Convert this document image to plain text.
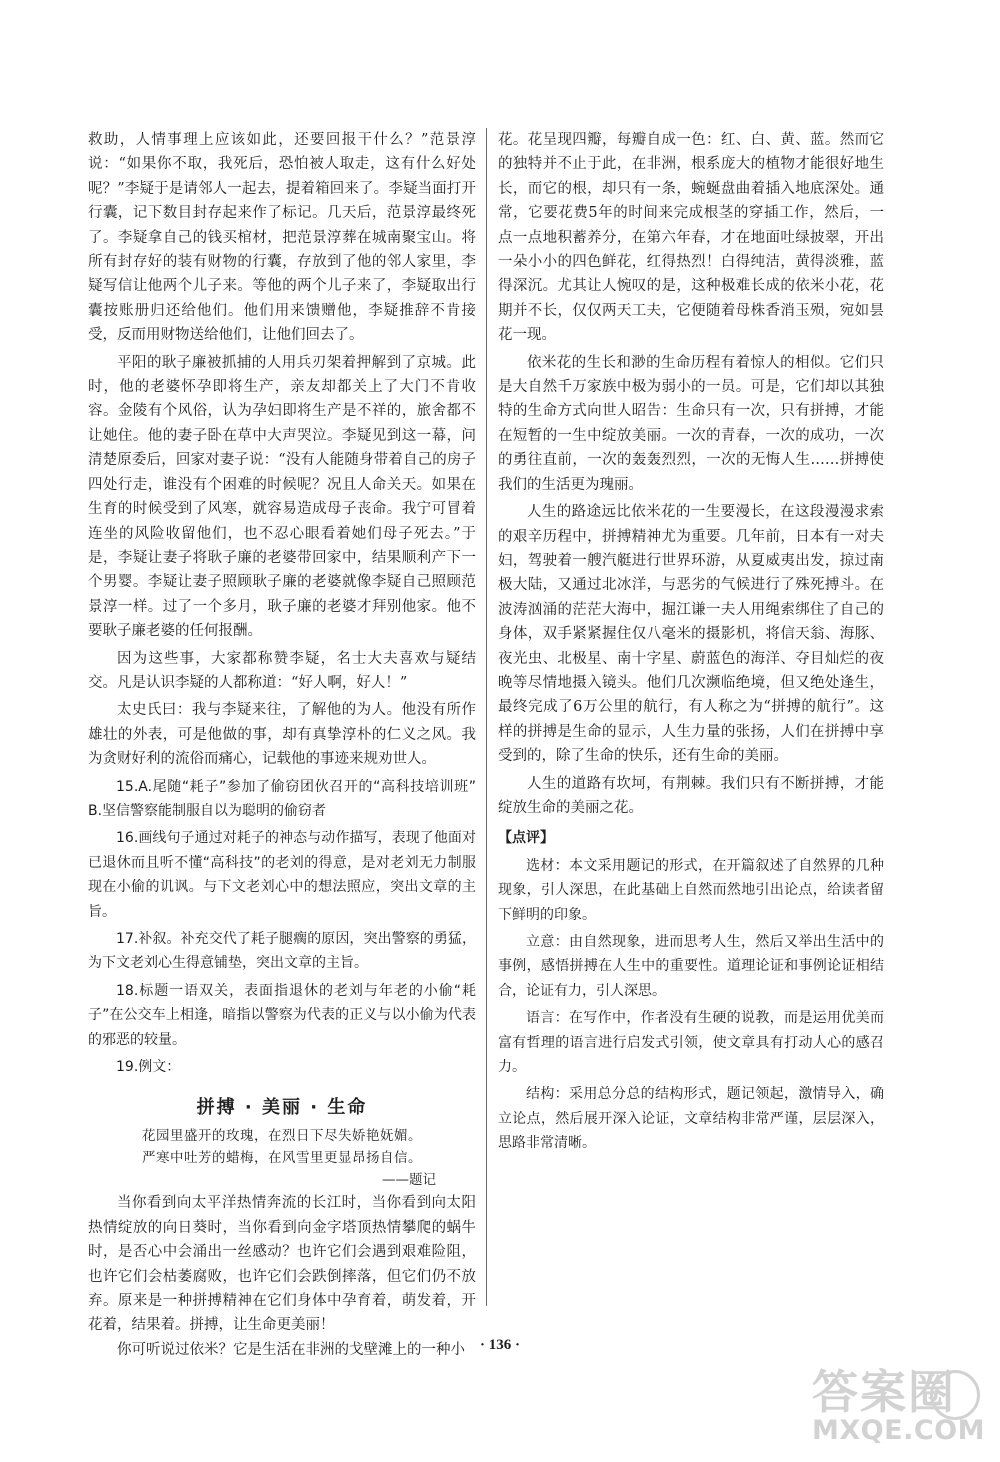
救助，人情事理上应该如此，还要回报干什么？”范景淳说：“如果你不取，我死后，恐怕被人取走，这有什么好处呢？”李疑于是请邻人一起去，提着箱回来了。李疑当面打开行囊，记下数目封存起来作了标记。几天后，范景淳最终死了。李疑拿自己的钱买棺材，把范景淳葬在城南聚宝山。将所有封存好的装有财物的行囊，存放到了他的邻人家里，李疑写信让他两个儿子来。等他的两个儿子来了，李疑取出行囊按账册归还给他们。他们用来馈赠他，李疑推辞不肯接受，反而用财物送给他们，让他们回去了。

平阳的耿子廉被抓捕的人用兵刃架着押解到了京城。此时，他的老婆怀孕即将生产，亲友却都关上了大门不肯收容。金陵有个风俗，认为孕妇即将生产是不祥的，旅舍都不让她住。他的妻子卧在草中大声哭泣。李疑见到这一幕，问清楚原委后，回家对妻子说：“没有人能随身带着自己的房子四处行走，谁没有个困难的时候呢？况且人命关天。如果在生育的时候受到了风寒，就容易造成母子丧命。我宁可冒着连坐的风险收留他们，也不忍心眼看着她们母子死去。”于是，李疑让妻子将耿子廉的老婆带回家中，结果顺利产下一个男婴。李疑让妻子照顾耿子廉的老婆就像李疑自己照顾范景淳一样。过了一个多月，耿子廉的老婆才拜别他家。他不要耿子廉老婆的任何报酬。

因为这些事，大家都称赞李疑，名士大夫喜欢与疑结交。凡是认识李疑的人都称道：“好人啊，好人！”

太史氏曰：我与李疑来往，了解他的为人。他没有所作雄壮的外表，可是他做的事，却有真挚淳朴的仁义之风。我为贪财好利的流俗而痛心，记载他的事迹来规劝世人。

15.A.尾随“耗子”参加了偷窃团伙召开的“高科技培训班” B.坚信警察能制服自以为聪明的偷窃者

16.画线句子通过对耗子的神态与动作描写，表现了他面对已退休而且听不懂“高科技”的老刘的得意，是对老刘无力制服现在小偷的讥讽。与下文老刘心中的想法照应，突出文章的主旨。

17.补叙。补充交代了耗子腿瘸的原因，突出警察的勇猛，为下文老刘心生得意铺垫，突出文章的主旨。

18.标题一语双关，表面指退休的老刘与年老的小偷“耗子”在公交车上相逢，暗指以警察为代表的正义与以小偷为代表的邪恶的较量。

19.例文：

拼搏 · 美丽 · 生命
花园里盛开的玫瑰，在烈日下尽失娇艳妩媚。
严寒中吐芳的蜡梅，在风雪里更显昂扬自信。
——题记

当你看到向太平洋热情奔流的长江时，当你看到向太阳热情绽放的向日葵时，当你看到向金字塔顶热情攀爬的蜗牛时，是否心中会涌出一丝感动？也许它们会遇到艰难险阻，也许它们会枯萎腐败，也许它们会跌倒摔落，但它们仍不放弃。原来是一种拼搏精神在它们身体中孕育着，萌发着，开花着，结果着。拼搏，让生命更美丽！

你可听说过依米？它是生活在非洲的戈壁滩上的一种小

花。花呈现四瓣，每瓣自成一色：红、白、黄、蓝。然而它的独特并不止于此，在非洲，根系庞大的植物才能很好地生长，而它的根，却只有一条，蜿蜒盘曲着插入地底深处。通常，它要花费5年的时间来完成根茎的穿插工作，然后，一点一点地积蓄养分，在第六年春，才在地面吐绿披翠，开出一朵小小的四色鲜花，红得热烈！白得纯洁，黄得淡雅，蓝得深沉。尤其让人惋叹的是，这种极难长成的依米小花，花期并不长，仅仅两天工夫，它便随着母株香消玉殒，宛如昙花一现。

依米花的生长和渺的生命历程有着惊人的相似。它们只是大自然千万家族中极为弱小的一员。可是，它们却以其独特的生命方式向世人昭告：生命只有一次，只有拼搏，才能在短暂的一生中绽放美丽。一次的青春，一次的成功，一次的勇往直前，一次的轰轰烈烈，一次的无悔人生……拼搏使我们的生活更为瑰丽。

人生的路途远比依米花的一生要漫长，在这段漫漫求索的艰辛历程中，拼搏精神尤为重要。几年前，日本有一对夫妇，驾驶着一艘汽艇进行世界环游，从夏威夷出发，掠过南极大陆，又通过北冰洋，与恶劣的气候进行了殊死搏斗。在波涛汹涌的茫茫大海中，掘江谦一夫人用绳索绑住了自己的身体，双手紧紧握住仅八毫米的摄影机，将信天翁、海豚、夜光虫、北极星、南十字星、蔚蓝色的海洋、夺目灿烂的夜晚等尽情地摄入镜头。他们几次濒临绝境，但又绝处逢生，最终完成了6万公里的航行，有人称之为“拼搏的航行”。这样的拼搏是生命的显示，人生力量的张扬，人们在拼搏中享受到的，除了生命的快乐，还有生命的美丽。

人生的道路有坎坷，有荆棘。我们只有不断拼搏，才能绽放生命的美丽之花。

【点评】

选材：本文采用题记的形式，在开篇叙述了自然界的几种现象，引人深思，在此基础上自然而然地引出论点，给读者留下鲜明的印象。

立意：由自然现象，进而思考人生，然后又举出生活中的事例，感悟拼搏在人生中的重要性。道理论证和事例论证相结合，论证有力，引人深思。

语言：在写作中，作者没有生硬的说教，而是运用优美而富有哲理的语言进行启发式引领，使文章具有打动人心的感召力。

结构：采用总分总的结构形式，题记领起，激情导入，确立论点，然后展开深入论证，文章结构非常严谨，层层深入，思路非常清晰。

· 136 ·
答案圈
MXQE.COM
